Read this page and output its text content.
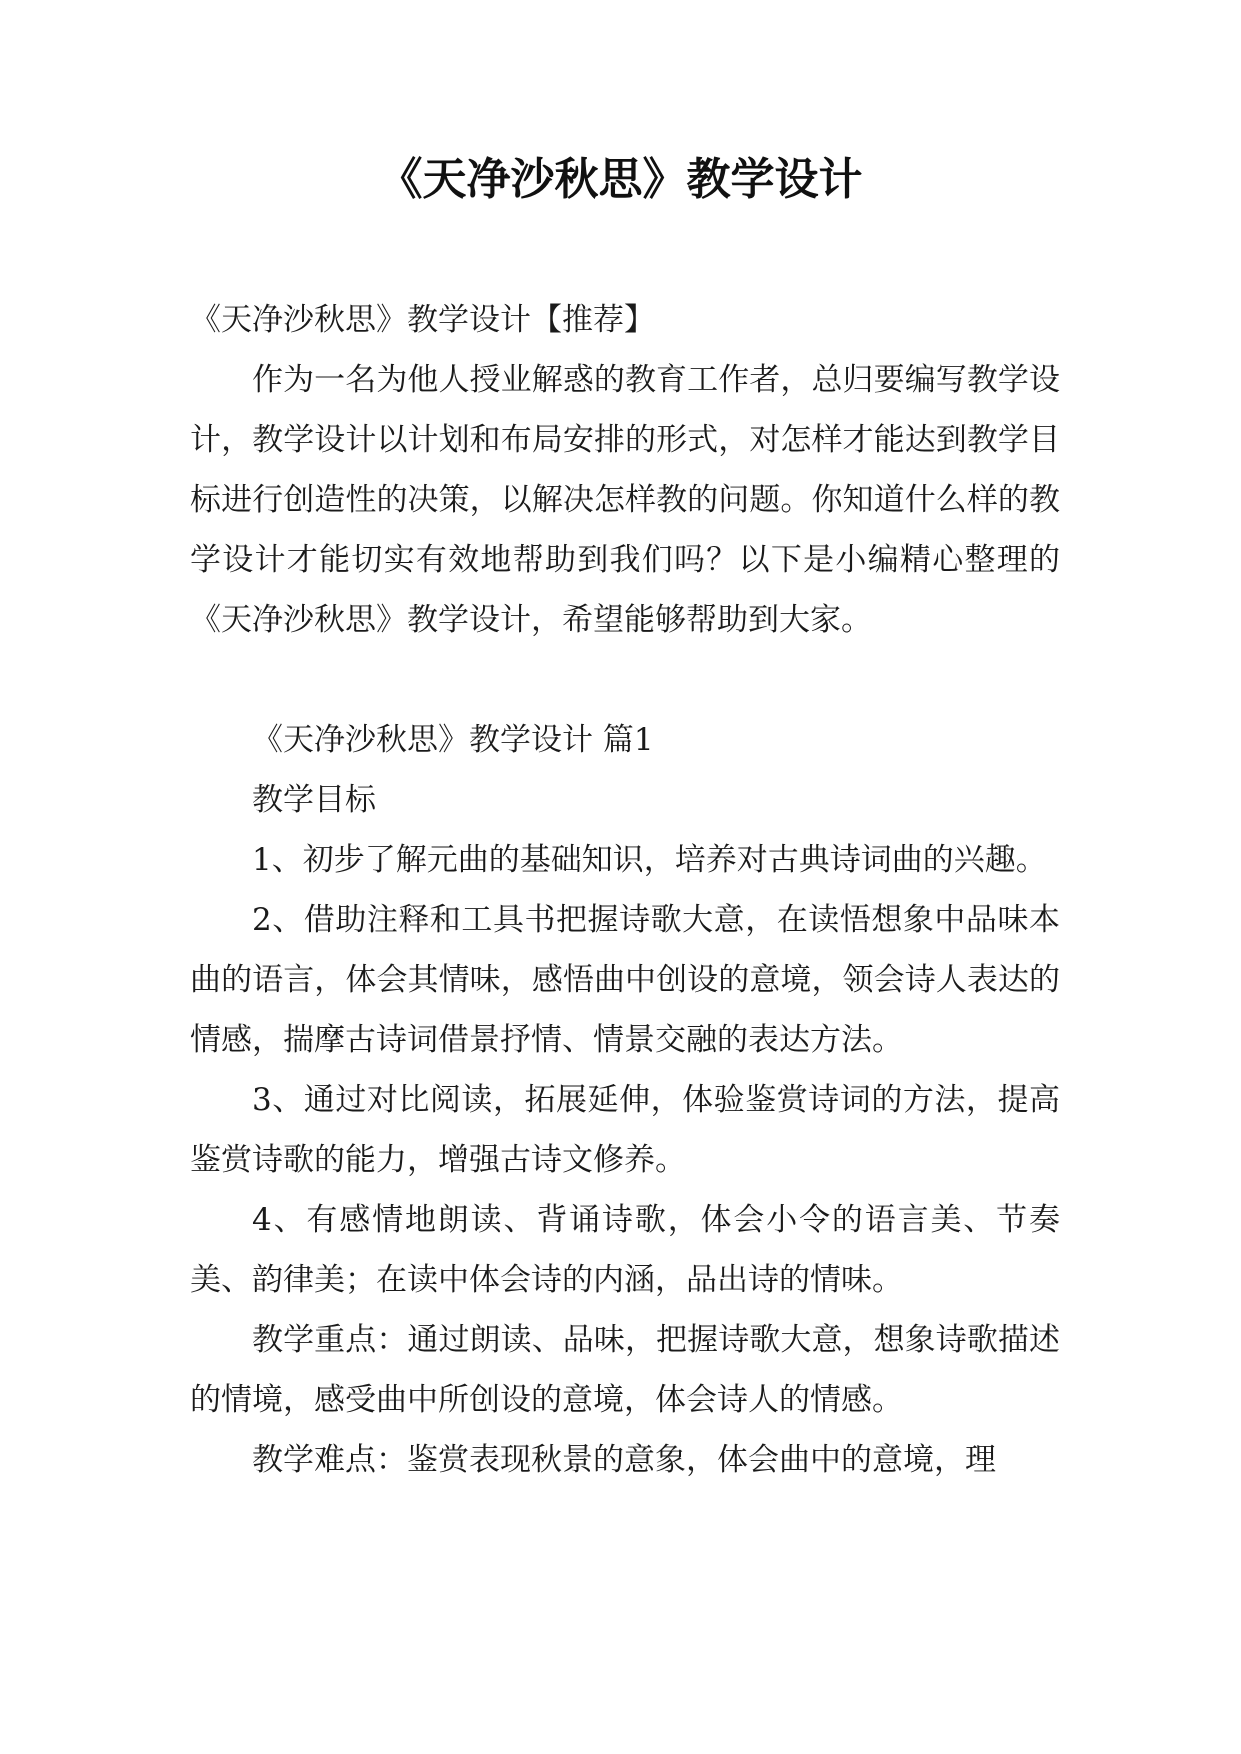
《天净沙秋思》教学设计

《天净沙秋思》教学设计【推荐】

作为一名为他人授业解惑的教育工作者，总归要编写教学设计，教学设计以计划和布局安排的形式，对怎样才能达到教学目标进行创造性的决策，以解决怎样教的问题。你知道什么样的教学设计才能切实有效地帮助到我们吗？以下是小编精心整理的《天净沙秋思》教学设计，希望能够帮助到大家。

《天净沙秋思》教学设计 篇1

教学目标

1、初步了解元曲的基础知识，培养对古典诗词曲的兴趣。

2、借助注释和工具书把握诗歌大意，在读悟想象中品味本曲的语言，体会其情味，感悟曲中创设的意境，领会诗人表达的情感，揣摩古诗词借景抒情、情景交融的表达方法。

3、通过对比阅读，拓展延伸，体验鉴赏诗词的方法，提高鉴赏诗歌的能力，增强古诗文修养。

4、有感情地朗读、背诵诗歌，体会小令的语言美、节奏美、韵律美；在读中体会诗的内涵，品出诗的情味。

教学重点：通过朗读、品味，把握诗歌大意，想象诗歌描述的情境，感受曲中所创设的意境，体会诗人的情感。

教学难点：鉴赏表现秋景的意象，体会曲中的意境，理
